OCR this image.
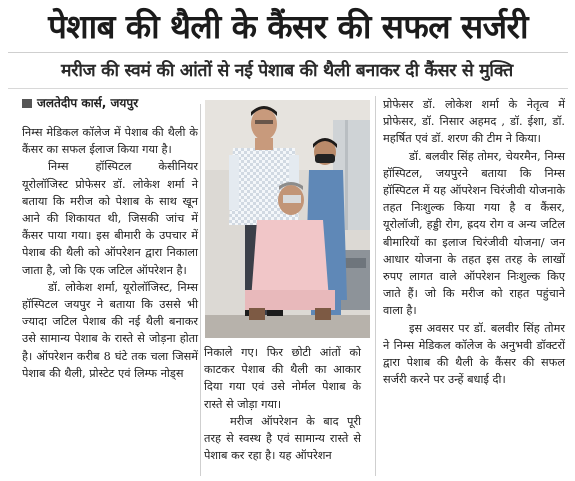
पेशाब की थैली के कैंसर की सफल सर्जरी
मरीज की स्वमं की आंतों से नई पेशाब की थैली बनाकर दी कैंसर से मुक्ति
जलतेदीप कार्स, जयपुर

निम्स मेडिकल कॉलेज में पेशाब की थैली के कैंसर का सफल ईलाज किया गया है।

निम्स हॉस्पिटल केसीनियर यूरोलॉजिस्ट प्रोफेसर डॉ. लोकेश शर्मा ने बताया कि मरीज को पेशाब के साथ खून आने की शिकायत थी, जिसकी जांच में कैंसर पाया गया। इस बीमारी के उपचार में पेशाब की थैली को ऑपरेशन द्वारा निकाला जाता है, जो कि एक जटिल ऑपरेशन है।

डॉ. लोकेश शर्मा, यूरोलॉजिस्ट, निम्स हॉस्पिटल जयपुर ने बताया कि उससे भी ज्यादा जटिल पेशाब की नई थैली बनाकर उसे सामान्य पेशाब के रास्ते से जोड़ना होता है। ऑपरेशन करीब 8 घंटे तक चला जिसमें पेशाब की थैली, प्रोस्टेट एवं लिम्फ नोड्स

निकाले गए। फिर छोटी आंतों को काटकर पेशाब की थैली का आकार दिया गया एवं उसे नोर्मल पेशाब के रास्ते से जोड़ा गया।

मरीज ऑपरेशन के बाद पूरी तरह से स्वस्थ है एवं सामान्य रास्ते से पेशाब कर रहा है। यह ऑपरेशन

प्रोफेसर डॉ. लोकेश शर्मा के नेतृत्व में प्रोफेसर, डॉ. निसार अहमद , डॉ. ईशा, डॉ. महर्षित एवं डॉ. शरण की टीम ने किया।

डॉ. बलवीर सिंह तोमर, चेयरमैन, निम्स हॉस्पिटल, जयपुरने बताया कि निम्स हॉस्पिटल में यह ऑपरेशन चिरंजीवी योजनाके तहत निःशुल्क किया गया है व कैंसर, यूरोलॉजी, हड्डी रोग, ह्रदय रोग व अन्य जटिल बीमारियों का इलाज चिरंजीवी योजना/ जन आधार योजना के तहत इस तरह के लाखों रुपए लागत वाले ऑपरेशन निःशुल्क किए जाते हैं। जो कि मरीज को राहत पहुंचाने वाला है।

इस अवसर पर डॉ. बलवीर सिंह तोमर ने निम्स मेडिकल कॉलेज के अनुभवी डॉक्टरों द्वारा पेशाब की थैली के कैंसर की सफल सर्जरी करने पर उन्हें बधाई दी।
